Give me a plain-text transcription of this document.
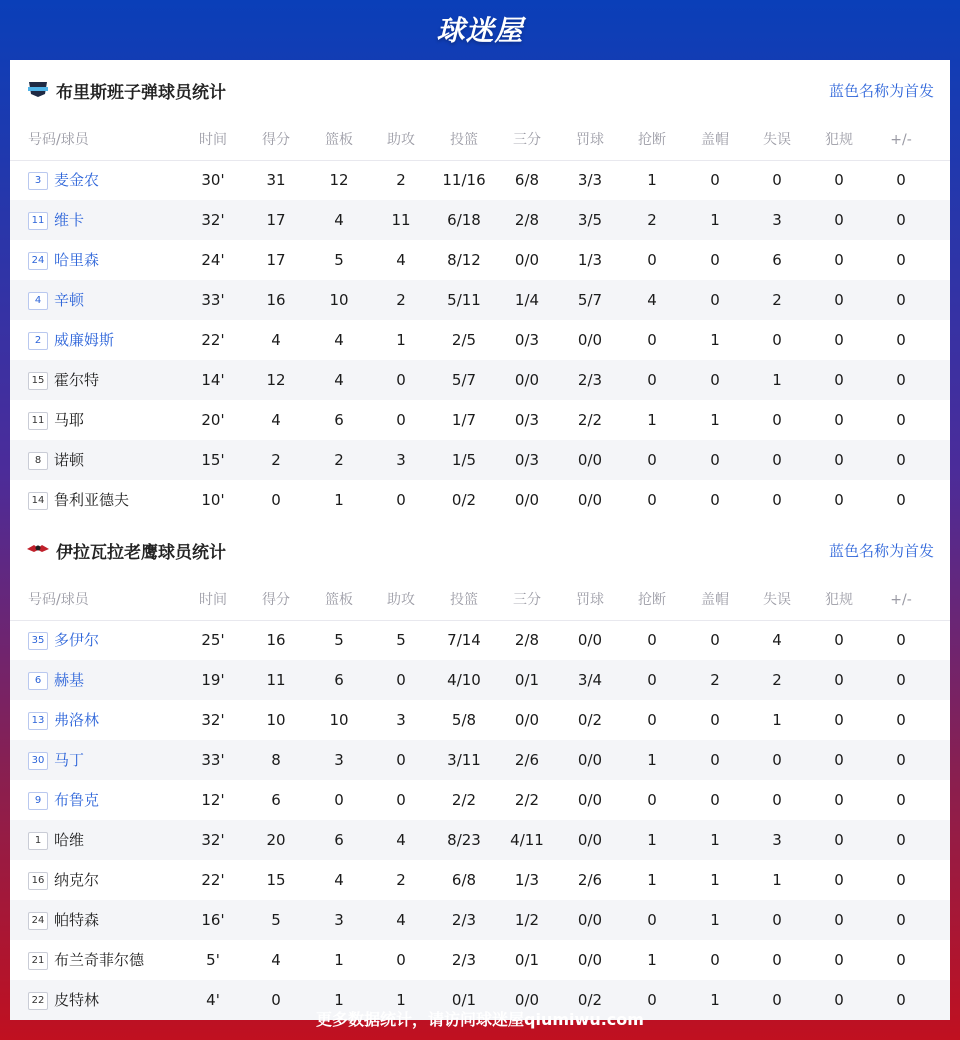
球迷屋
布里斯班子弹球员统计	蓝色名称为首发
号码/球员	时间	得分	篮板 助攻	投篮	三分	罚球 抢断	盖帽 失误 犯规	+/-
3 麦金农	30'	31	12	2 11/16 6/8	3/3	1	0	0	0	0
11 维卡	32'	17	4	11 6/18 2/8	3/5	2	1	3	0	0
24 哈里森	24'	17	5	4	8/12 0/0	1/3	0	0	6	0	0
4 辛顿	33'	16	10	2	5/11 1/4	5/7	4	0	2	0	0
2 威廉姆斯	22'	4	4	1	2/5	0/3	0/0	0	1	0	0	0
15 霍尔特	14'	12	4	0	5/7	0/0	2/3	0	0	1	0	0
11 马耶	20'	4	6	0	1/7	0/3	2/2	1	1	0	0	0
8 诺顿	15'	2	2	3	1/5	0/3	0/0	0	0	0	0	0
14 鲁利亚德夫	10'	0	1	0	0/2	0/0	0/0	0	0	0	0	0
伊拉瓦拉老鹰球员统计	蓝色名称为首发
号码/球员	时间	得分	篮板 助攻	投篮	三分	罚球 抢断	盖帽 失误 犯规	+/-
35 多伊尔	25'	16	5	5	7/14 2/8	0/0	0	0	4	0	0
6 赫基	19'	11	6	0	4/10 0/1	3/4	0	2	2	0	0
13 弗洛林	32'	10	10	3	5/8	0/0	0/2	0	0	1	0	0
30 马丁	33'	8	3	0	3/11 2/6	0/0	1	0	0	0	0
9 布鲁克	12'	6	0	0	2/2	2/2	0/0	0	0	0	0	0
1 哈维	32'	20	6	4	8/23 4/11 0/0	1	1	3	0	0
16 纳克尔	22'	15	4	2	6/8	1/3	2/6	1	1	1	0	0
24 帕特森	16'	5	3	4	2/3	1/2	0/0	0	1	0	0	0
21 布兰奇菲尔德	5'	4	1	0	2/3	0/1	0/0	1	0	0	0	0
22 皮特林	4'	0	1	1	0/1	0/0	0/2	0	1	0	0	0
更多数据统计，请访问球迷屋qiumiwu.com
